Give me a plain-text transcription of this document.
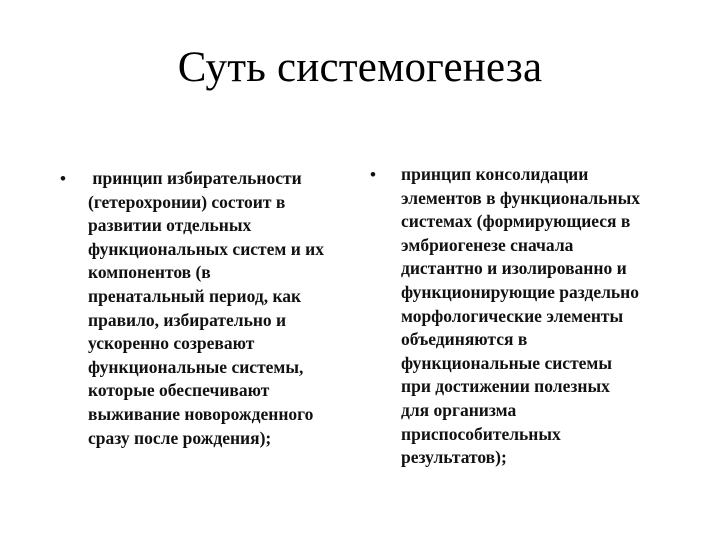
Суть системогенеза
• принцип избирательности
(гетерохронии) состоит в
развитии отдельных
функциональных систем и их
компонентов (в
пренатальный период, как
правило, избирательно и
ускоренно созревают
функциональные системы,
которые обеспечивают
выживание новорожденного
сразу после рождения);
• принцип консолидации
элементов в функциональных
системах (формирующиеся в
эмбриогенезе сначала
дистантно и изолированно и
функционирующие раздельно
морфологические элементы
объединяются в
функциональные системы
при достижении полезных
для организма
приспособительных
результатов);
